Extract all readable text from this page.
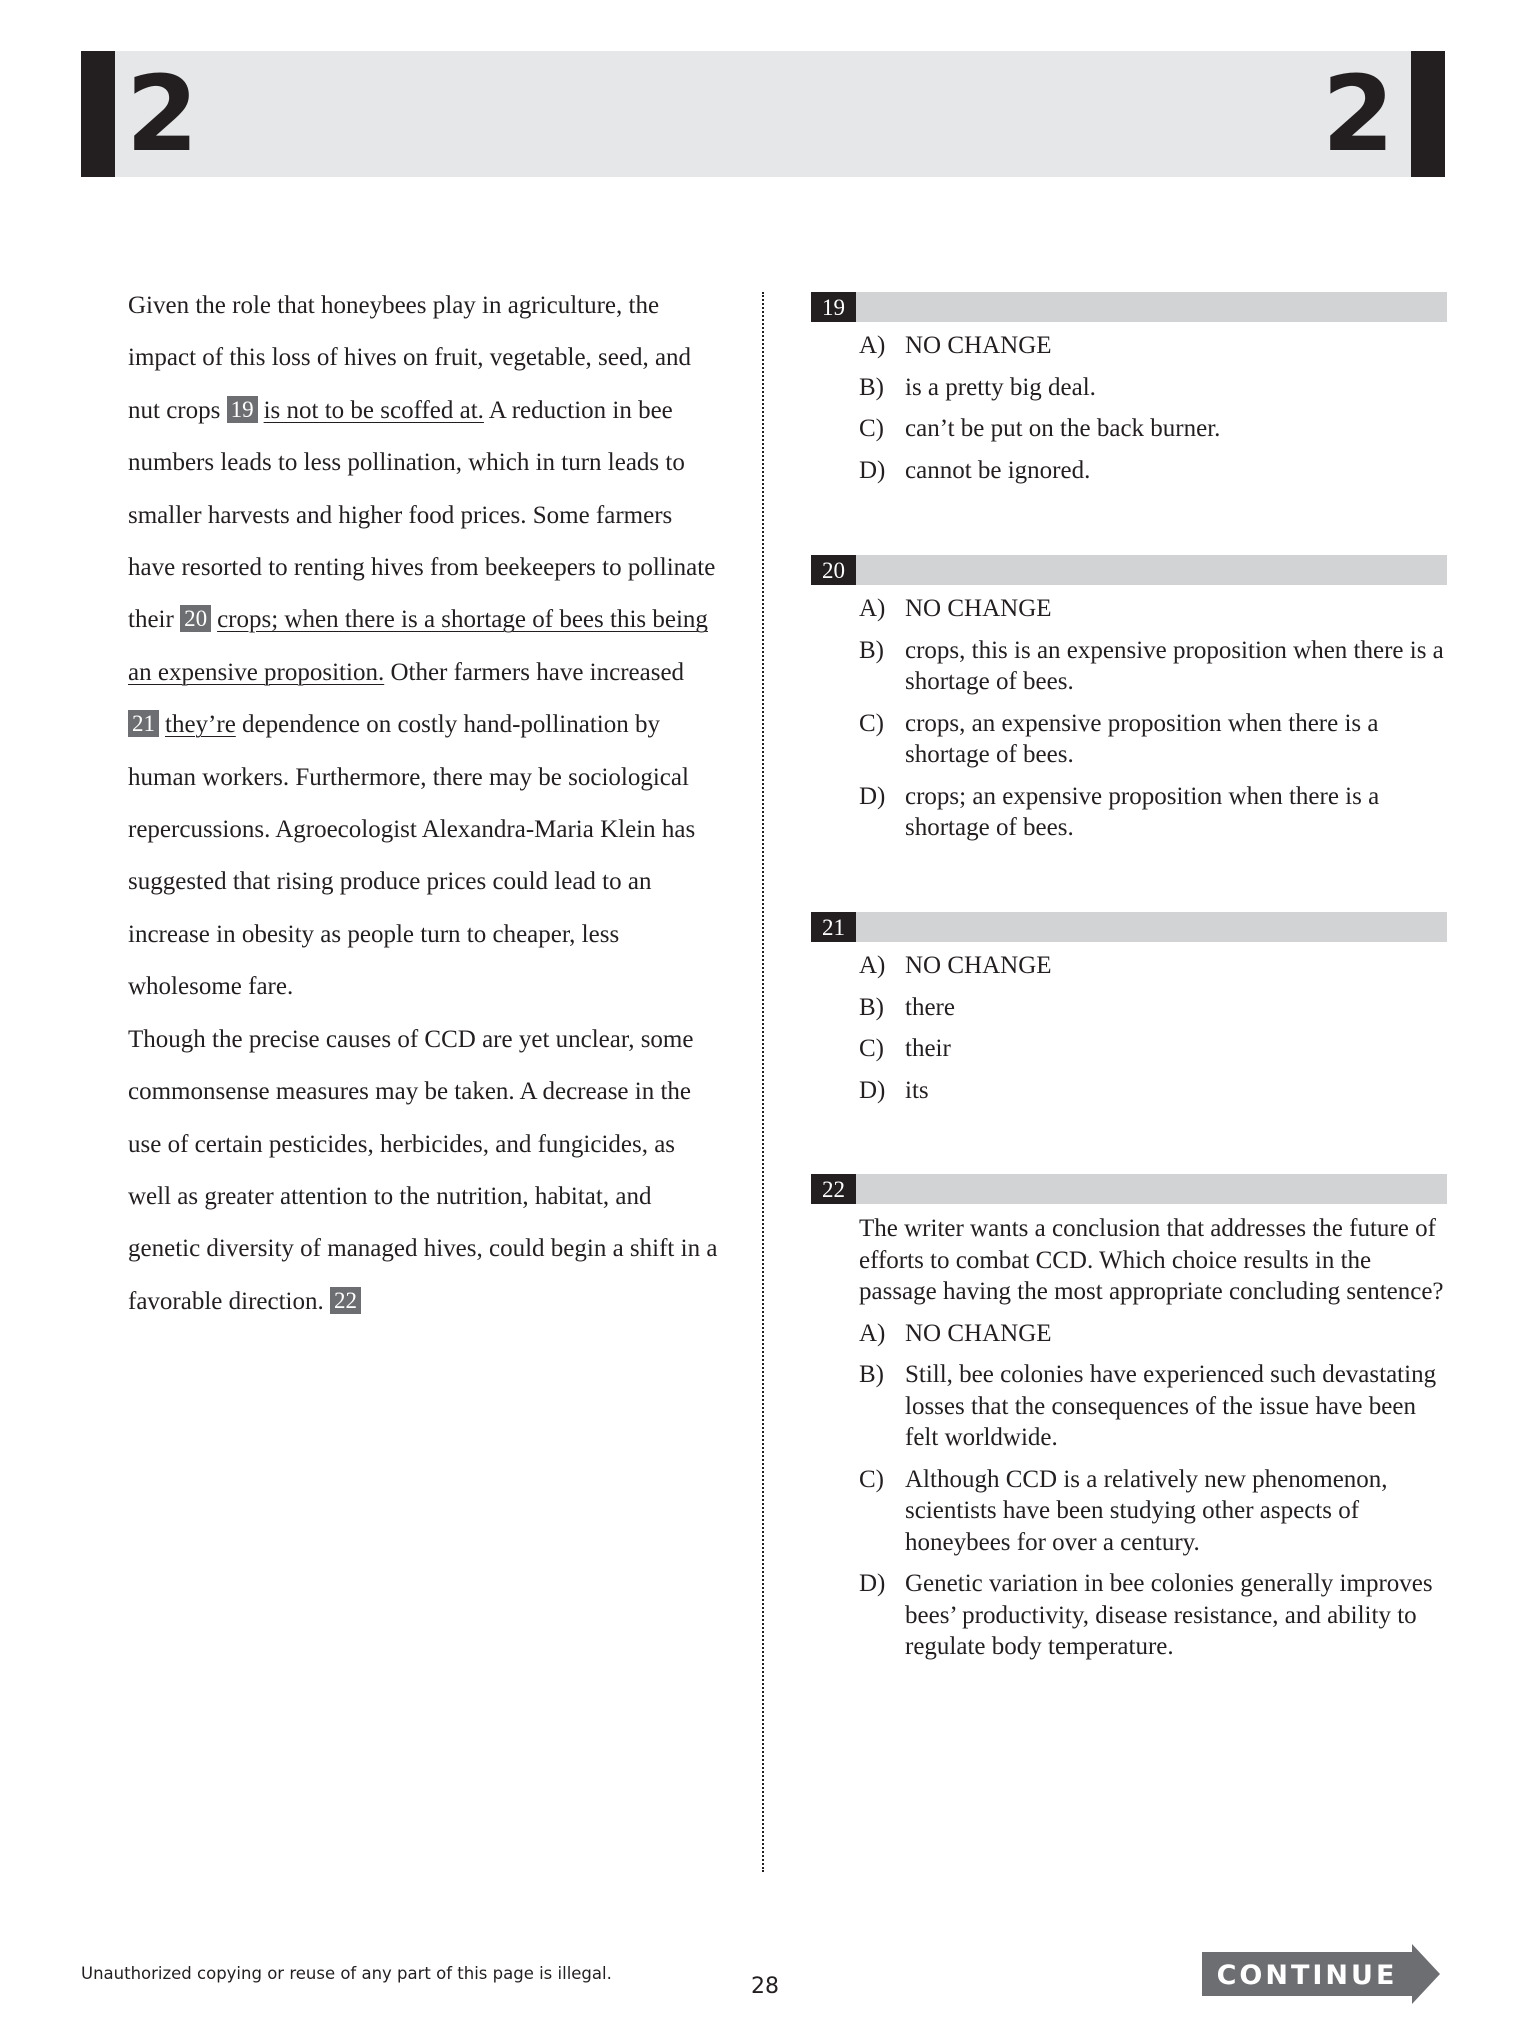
2	2

Given the role that honeybees play in agriculture, the impact of this loss of hives on fruit, vegetable, seed, and nut crops 19 is not to be scoffed at. A reduction in bee numbers leads to less pollination, which in turn leads to smaller harvests and higher food prices. Some farmers have resorted to renting hives from beekeepers to pollinate their 20 crops; when there is a shortage of bees this being an expensive proposition. Other farmers have increased 21 they’re dependence on costly hand-pollination by human workers. Furthermore, there may be sociological repercussions. Agroecologist Alexandra-Maria Klein has suggested that rising produce prices could lead to an increase in obesity as people turn to cheaper, less wholesome fare.

Though the precise causes of CCD are yet unclear, some commonsense measures may be taken. A decrease in the use of certain pesticides, herbicides, and fungicides, as well as greater attention to the nutrition, habitat, and genetic diversity of managed hives, could begin a shift in a favorable direction. 22

19
A) NO CHANGE
B) is a pretty big deal.
C) can’t be put on the back burner.
D) cannot be ignored.
20
A) NO CHANGE
B) crops, this is an expensive proposition when there is a shortage of bees.
C) crops, an expensive proposition when there is a shortage of bees.
D) crops; an expensive proposition when there is a shortage of bees.
21
A) NO CHANGE
B) there
C) their
D) its
22
The writer wants a conclusion that addresses the future of efforts to combat CCD. Which choice results in the passage having the most appropriate concluding sentence?
A) NO CHANGE
B) Still, bee colonies have experienced such devastating losses that the consequences of the issue have been felt worldwide.
C) Although CCD is a relatively new phenomenon, scientists have been studying other aspects of honeybees for over a century.
D) Genetic variation in bee colonies generally improves bees’ productivity, disease resistance, and ability to regulate body temperature.
Unauthorized copying or reuse of any part of this page is illegal.
28	CONTINUE
